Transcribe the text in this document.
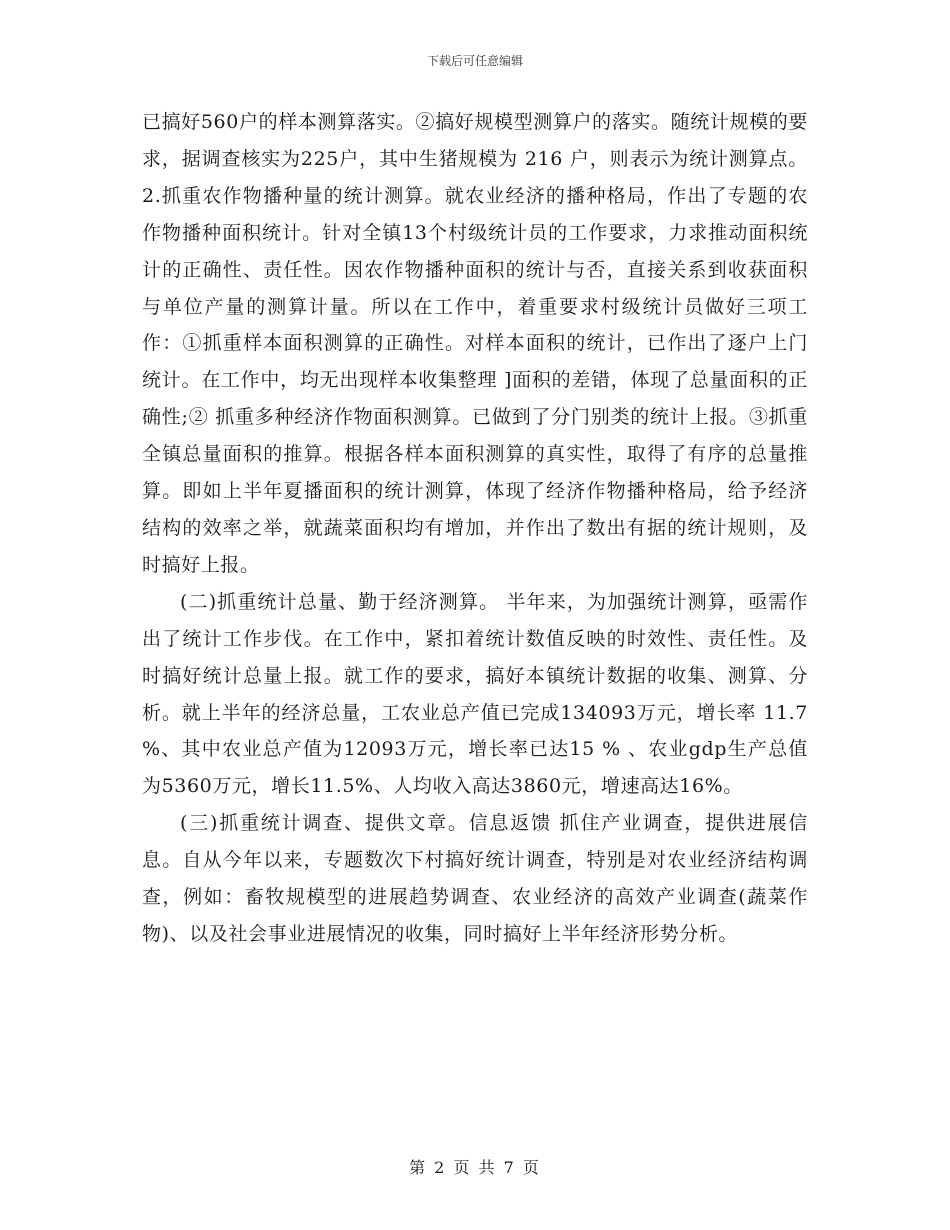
下载后可任意编辑

已搞好560户的样本测算落实。②搞好规模型测算户的落实。随统计规模的要求，据调查核实为225户，其中生猪规模为 216 户，则表示为统计测算点。 2.抓重农作物播种量的统计测算。就农业经济的播种格局，作出了专题的农作物播种面积统计。针对全镇13个村级统计员的工作要求，力求推动面积统计的正确性、责任性。因农作物播种面积的统计与否，直接关系到收获面积与单位产量的测算计量。所以在工作中，着重要求村级统计员做好三项工作：①抓重样本面积测算的正确性。对样本面积的统计，已作出了逐户上门统计。在工作中，均无出现样本收集整理 ]面积的差错，体现了总量面积的正确性;② 抓重多种经济作物面积测算。已做到了分门别类的统计上报。③抓重全镇总量面积的推算。根据各样本面积测算的真实性，取得了有序的总量推算。即如上半年夏播面积的统计测算，体现了经济作物播种格局，给予经济结构的效率之举，就蔬菜面积均有增加，并作出了数出有据的统计规则，及时搞好上报。

(二)抓重统计总量、勤于经济测算。 半年来，为加强统计测算，亟需作出了统计工作步伐。在工作中，紧扣着统计数值反映的时效性、责任性。及时搞好统计总量上报。就工作的要求，搞好本镇统计数据的收集、测算、分析。就上半年的经济总量，工农业总产值已完成134093万元，增长率 11.7 %、其中农业总产值为12093万元，增长率已达15 % 、农业gdp生产总值为5360万元，增长11.5%、人均收入高达3860元，增速高达16%。

(三)抓重统计调查、提供文章。信息返馈 抓住产业调查，提供进展信息。自从今年以来，专题数次下村搞好统计调查，特别是对农业经济结构调查，例如：畜牧规模型的进展趋势调查、农业经济的高效产业调查(蔬菜作物)、以及社会事业进展情况的收集，同时搞好上半年经济形势分析。

第 2 页 共 7 页
